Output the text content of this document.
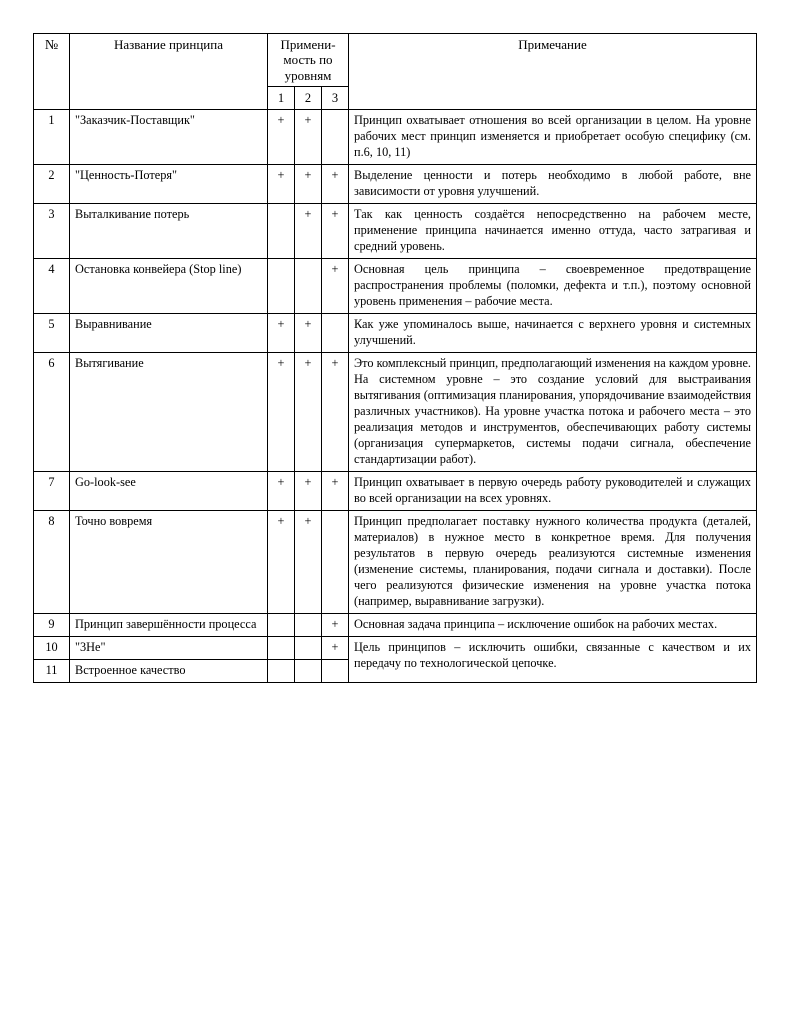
№	Название принципа	Примени-мость по уровням			Примечание
		1	2	3	
1	"Заказчик-Поставщик"	+	+		Принцип охватывает отношения во всей организации в целом. На уровне рабочих мест принцип изменяется и приобретает особую специфику (см. п.6, 10, 11)
2	"Ценность-Потеря"	+	+	+	Выделение ценности и потерь необходимо в любой работе, вне зависимости от уровня улучшений.
3	Выталкивание потерь		+	+	Так как ценность создаётся непосредственно на рабочем месте, применение принципа начинается именно оттуда, часто затрагивая и средний уровень.
4	Остановка конвейера (Stop line)			+	Основная цель принципа – своевременное предотвращение распространения проблемы (поломки, дефекта и т.п.), поэтому основной уровень применения – рабочие места.
5	Выравнивание	+	+		Как уже упоминалось выше, начинается с верхнего уровня и системных улучшений.
6	Вытягивание	+	+	+	Это комплексный принцип, предполагающий изменения на каждом уровне. На системном уровне – это создание условий для выстраивания вытягивания (оптимизация планирования, упорядочивание взаимодействия различных участников). На уровне участка потока и рабочего места – это реализация методов и инструментов, обеспечивающих работу системы (организация супермаркетов, системы подачи сигнала, обеспечение стандартизации работ).
7	Go-look-see	+	+	+	Принцип охватывает в первую очередь работу руководителей и служащих во всей организации на всех уровнях.
8	Точно вовремя	+	+		Принцип предполагает поставку нужного количества продукта (деталей, материалов) в нужное место в конкретное время. Для получения результатов в первую очередь реализуются системные изменения (изменение системы, планирования, подачи сигнала и доставки). После чего реализуются физические изменения на уровне участка потока (например, выравнивание загрузки).
9	Принцип завершённости процесса			+	Основная задача принципа – исключение ошибок на рабочих местах.
10	"3Не"			+	Цель принципов – исключить ошибки, связанные с качеством и их передачу по технологической цепочке.
11	Встроенное качество				
